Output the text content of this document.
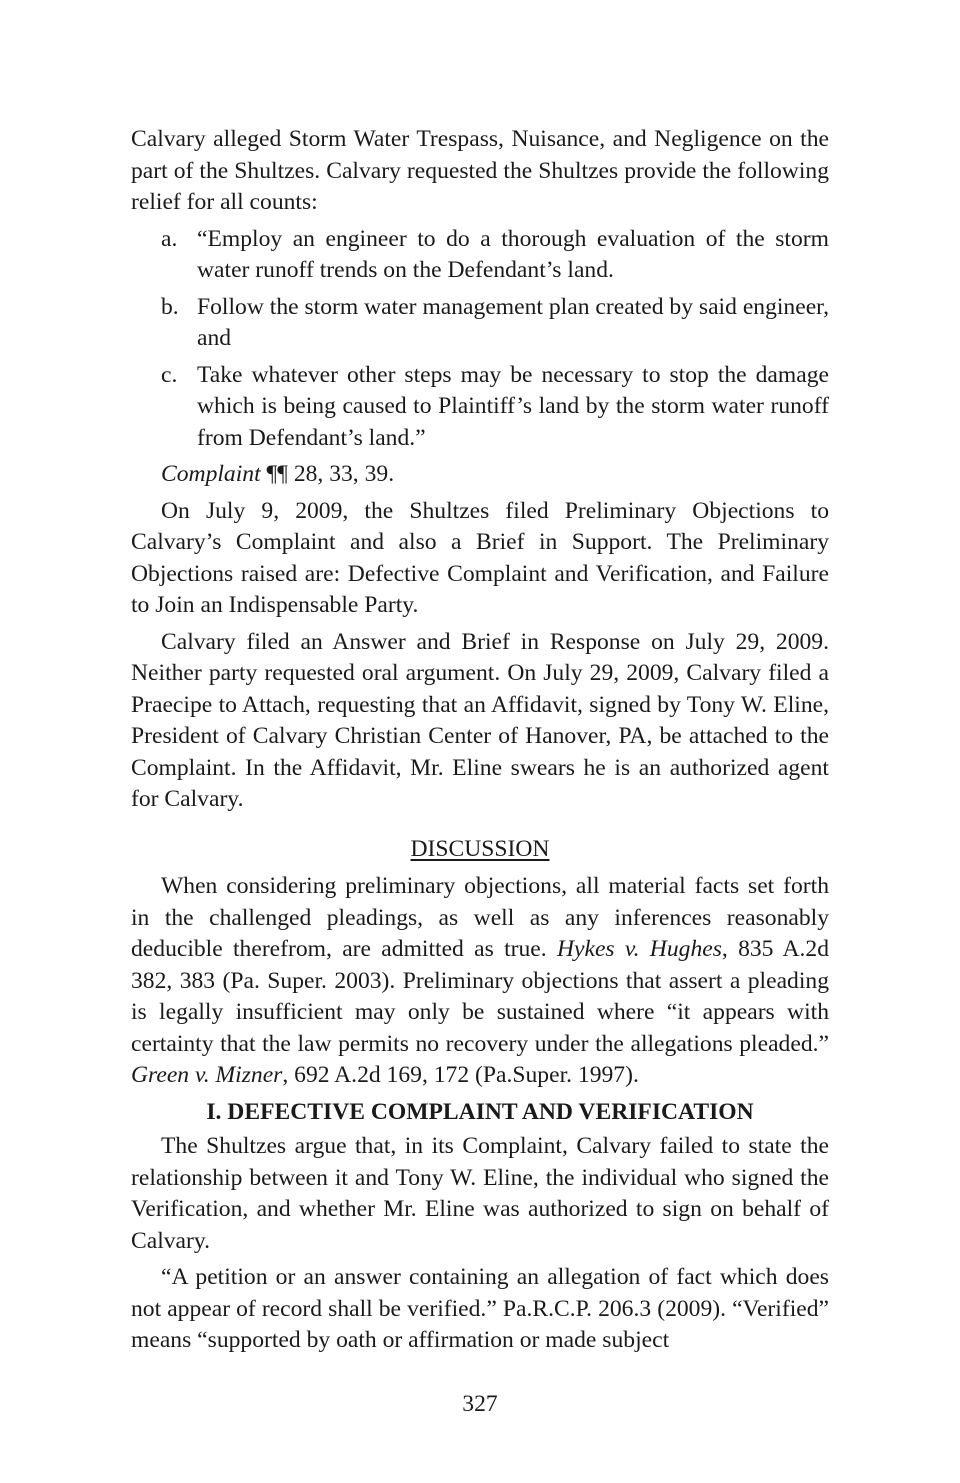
Calvary alleged Storm Water Trespass, Nuisance, and Negligence on the part of the Shultzes. Calvary requested the Shultzes provide the following relief for all counts:

a. “Employ an engineer to do a thorough evaluation of the storm water runoff trends on the Defendant’s land.
b. Follow the storm water management plan created by said engineer, and
c. Take whatever other steps may be necessary to stop the damage which is being caused to Plaintiff’s land by the storm water runoff from Defendant’s land.”
Complaint ¶¶ 28, 33, 39.

On July 9, 2009, the Shultzes filed Preliminary Objections to Calvary’s Complaint and also a Brief in Support. The Preliminary Objections raised are: Defective Complaint and Verification, and Failure to Join an Indispensable Party.

Calvary filed an Answer and Brief in Response on July 29, 2009. Neither party requested oral argument. On July 29, 2009, Calvary filed a Praecipe to Attach, requesting that an Affidavit, signed by Tony W. Eline, President of Calvary Christian Center of Hanover, PA, be attached to the Complaint. In the Affidavit, Mr. Eline swears he is an authorized agent for Calvary.

DISCUSSION

When considering preliminary objections, all material facts set forth in the challenged pleadings, as well as any inferences reasonably deducible therefrom, are admitted as true. Hykes v. Hughes, 835 A.2d 382, 383 (Pa. Super. 2003). Preliminary objections that assert a pleading is legally insufficient may only be sustained where “it appears with certainty that the law permits no recovery under the allegations pleaded.” Green v. Mizner, 692 A.2d 169, 172 (Pa.Super. 1997).

I. DEFECTIVE COMPLAINT AND VERIFICATION

The Shultzes argue that, in its Complaint, Calvary failed to state the relationship between it and Tony W. Eline, the individual who signed the Verification, and whether Mr. Eline was authorized to sign on behalf of Calvary.

“A petition or an answer containing an allegation of fact which does not appear of record shall be verified.” Pa.R.C.P. 206.3 (2009). “Verified” means “supported by oath or affirmation or made subject

327
